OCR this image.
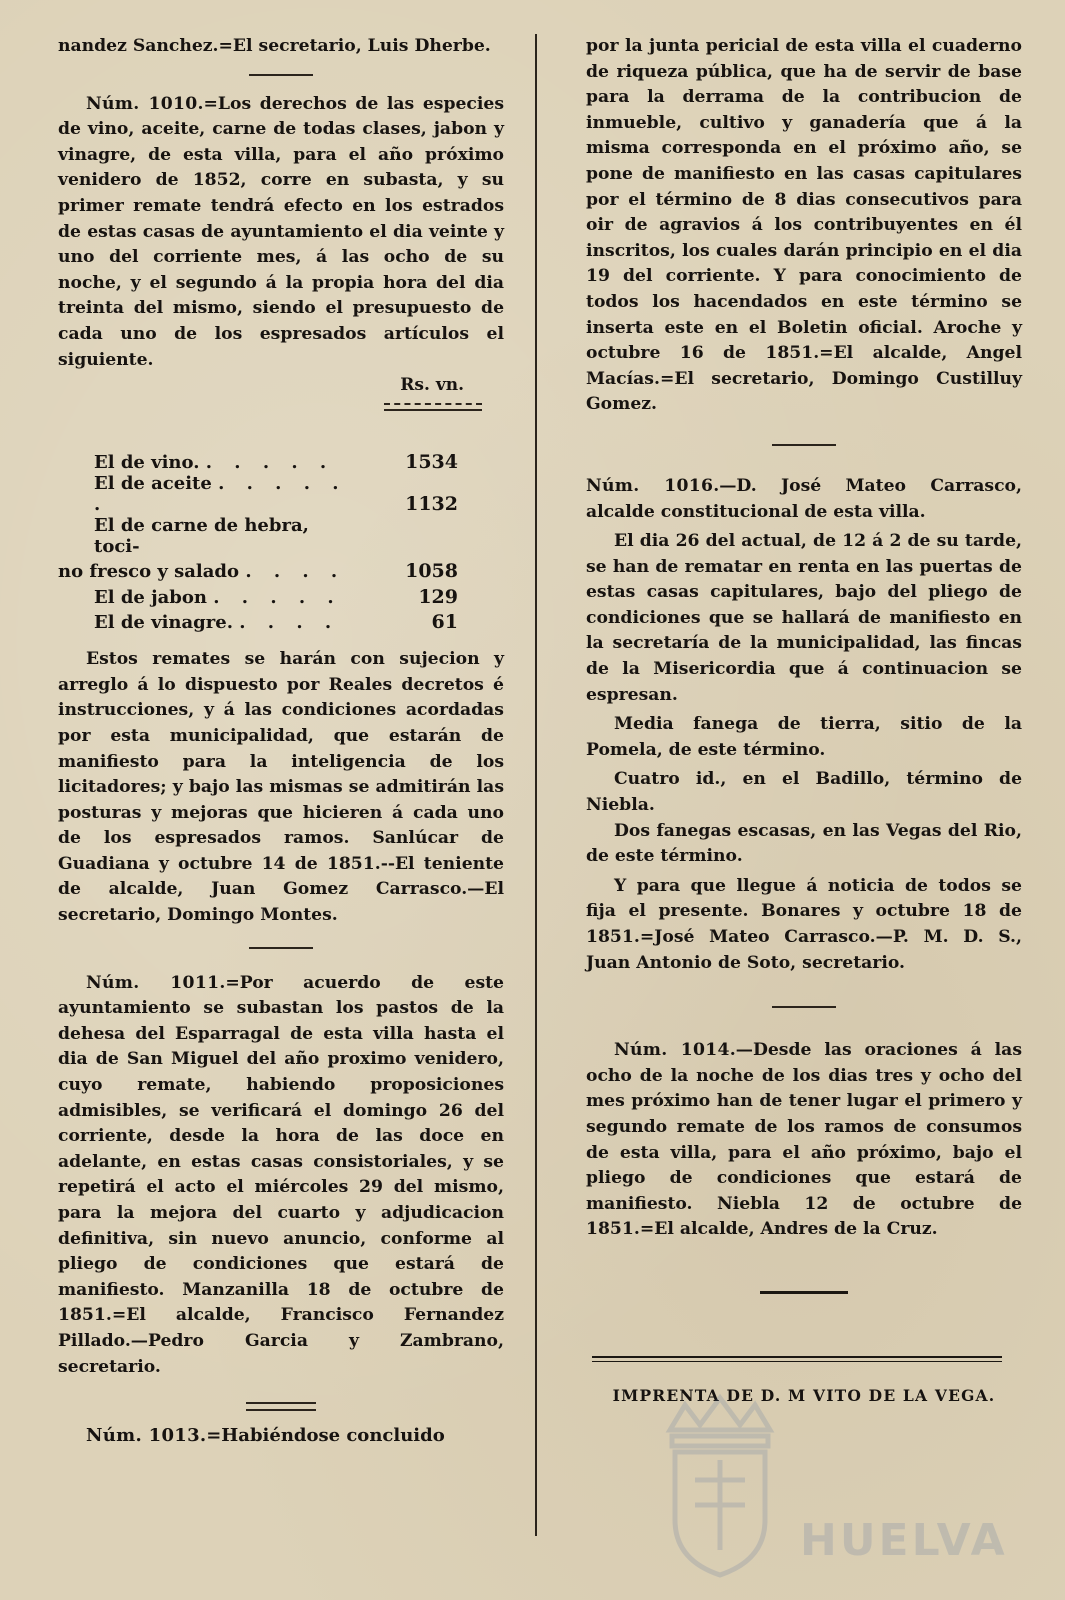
nandez Sanchez.=El secretario, Luis Dherbe.

Núm. 1010.=Los derechos de las especies de vino, aceite, carne de todas clases, jabon y vinagre, de esta villa, para el año próximo venidero de 1852, corre en subasta, y su primer remate tendrá efecto en los estrados de estas casas de ayuntamiento el dia veinte y uno del corriente mes, á las ocho de su noche, y el segundo á la propia hora del dia treinta del mismo, siendo el presupuesto de cada uno de los espresados artículos el siguiente.

Rs. vn.
El de vino. . . . . .	1534
El de aceite . . . . . .	1132
El de carne de hebra, toci-	
no fresco y salado . . . .	1058
El de jabon . . . . .	129
El de vinagre. . . . .	61

Estos remates se harán con sujecion y arreglo á lo dispuesto por Reales decretos é instrucciones, y á las condiciones acordadas por esta municipalidad, que estarán de manifiesto para la inteligencia de los licitadores; y bajo las mismas se admitirán las posturas y mejoras que hicieren á cada uno de los espresados ramos. Sanlúcar de Guadiana y octubre 14 de 1851.--El teniente de alcalde, Juan Gomez Carrasco.—El secretario, Domingo Montes.

Núm. 1011.=Por acuerdo de este ayuntamiento se subastan los pastos de la dehesa del Esparragal de esta villa hasta el dia de San Miguel del año proximo venidero, cuyo remate, habiendo proposiciones admisibles, se verificará el domingo 26 del corriente, desde la hora de las doce en adelante, en estas casas consistoriales, y se repetirá el acto el miércoles 29 del mismo, para la mejora del cuarto y adjudicacion definitiva, sin nuevo anuncio, conforme al pliego de condiciones que estará de manifiesto. Manzanilla 18 de octubre de 1851.=El alcalde, Francisco Fernandez Pillado.—Pedro Garcia y Zambrano, secretario.

Núm. 1013.=Habiéndose concluido

por la junta pericial de esta villa el cuaderno de riqueza pública, que ha de servir de base para la derrama de la contribucion de inmueble, cultivo y ganadería que á la misma corresponda en el próximo año, se pone de manifiesto en las casas capitulares por el término de 8 dias consecutivos para oir de agravios á los contribuyentes en él inscritos, los cuales darán principio en el dia 19 del corriente. Y para conocimiento de todos los hacendados en este término se inserta este en el Boletin oficial. Aroche y octubre 16 de 1851.=El alcalde, Angel Macías.=El secretario, Domingo Custilluy Gomez.

Núm. 1016.—D. José Mateo Carrasco, alcalde constitucional de esta villa.

El dia 26 del actual, de 12 á 2 de su tarde, se han de rematar en renta en las puertas de estas casas capitulares, bajo del pliego de condiciones que se hallará de manifiesto en la secretaría de la municipalidad, las fincas de la Misericordia que á continuacion se espresan.

Media fanega de tierra, sitio de la Pomela, de este término.

Cuatro id., en el Badillo, término de Niebla.

Dos fanegas escasas, en las Vegas del Rio, de este término.

Y para que llegue á noticia de todos se fija el presente. Bonares y octubre 18 de 1851.=José Mateo Carrasco.—P. M. D. S., Juan Antonio de Soto, secretario.

Núm. 1014.—Desde las oraciones á las ocho de la noche de los dias tres y ocho del mes próximo han de tener lugar el primero y segundo remate de los ramos de consumos de esta villa, para el año próximo, bajo el pliego de condiciones que estará de manifiesto. Niebla 12 de octubre de 1851.=El alcalde, Andres de la Cruz.

IMPRENTA DE D. M VITO DE LA VEGA.
HUELVA
